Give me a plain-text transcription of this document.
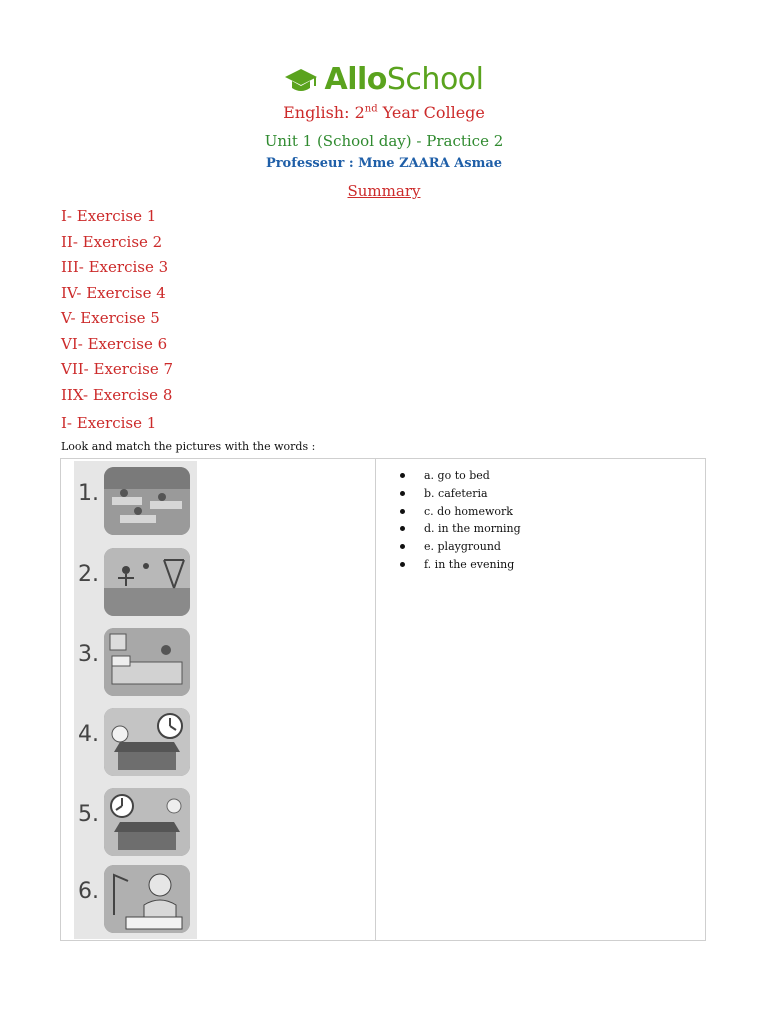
AlloSchool
English: 2nd Year College
Unit 1 (School day) - Practice 2
Professeur : Mme ZAARA Asmae
Summary
I- Exercise 1
II- Exercise 2
III- Exercise 3
IV- Exercise 4
V- Exercise 5
VI- Exercise 6
VII- Exercise 7
IIX- Exercise 8
I- Exercise 1
Look and match the pictures with the words :
1.
2.
3.
4.
5.
6.
a. go to bed
b. cafeteria
c. do homework
d. in the morning
e. playground
f. in the evening
